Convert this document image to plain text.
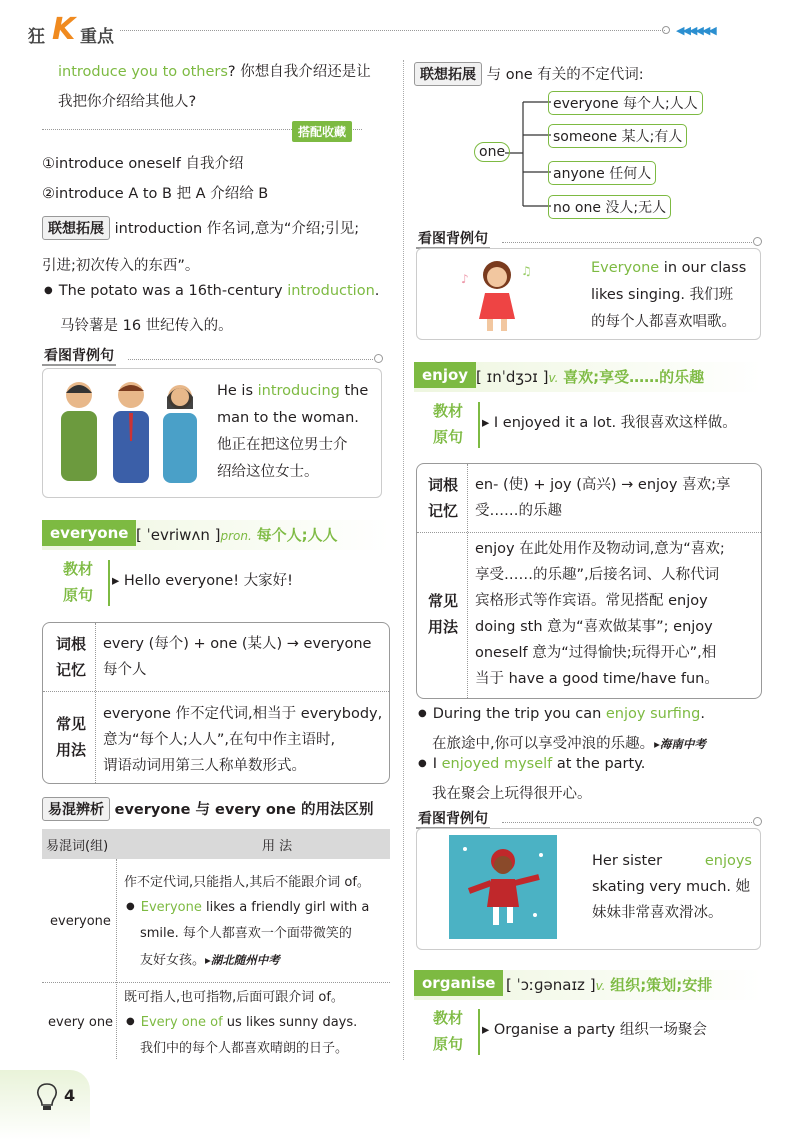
狂 K 重点	◀◀◀◀◀◀
introduce you to others? 你想自我介绍还是让
我把你介绍给其他人?
搭配收藏
①introduce oneself 自我介绍
②introduce A to B 把 A 介绍给 B
联想拓展 introduction 作名词,意为“介绍;引见;
引进;初次传入的东西”。
● The potato was a 16th-century introduction.
马铃薯是 16 世纪传入的。
看图背例句
He is introducing the
man to the woman.
他正在把这位男士介
绍给这位女士。
everyone [ ˈevriwʌn ]pron. 每个人;人人
教材
原句
▸ Hello everyone! 大家好!
词根
记忆
every (每个) + one (某人) → everyone
每个人
常见
用法
everyone 作不定代词,相当于 everybody,
意为“每个人;人人”,在句中作主语时,
谓语动词用第三人称单数形式。
易混辨析 everyone 与 every one 的用法区别
易混词(组)	用 法
everyone
作不定代词,只能指人,其后不能跟介词 of。
● Everyone likes a friendly girl with a
smile. 每个人都喜欢一个面带微笑的
友好女孩。▸湖北随州中考
every one
既可指人,也可指物,后面可跟介词 of。
● Every one of us likes sunny days.
我们中的每个人都喜欢晴朗的日子。
联想拓展 与 one 有关的不定代词:
one
everyone 每个人;人人
someone 某人;有人
anyone 任何人
no one 没人;无人
看图背例句
♪
♫	Everyone in our class
likes singing. 我们班
的每个人都喜欢唱歌。
enjoy [ ɪnˈdʒɔɪ ]v. 喜欢;享受……的乐趣
教材
原句
▸ I enjoyed it a lot. 我很喜欢这样做。
词根
记忆
en- (使) + joy (高兴) → enjoy 喜欢;享
受……的乐趣
常见
用法
enjoy 在此处用作及物动词,意为“喜欢;
享受……的乐趣”,后接名词、人称代词
宾格形式等作宾语。常见搭配 enjoy
doing sth 意为“喜欢做某事”; enjoy
oneself 意为“过得愉快;玩得开心”,相
当于 have a good time/have fun。
● During the trip you can enjoy surfing.
在旅途中,你可以享受冲浪的乐趣。▸海南中考
● I enjoyed myself at the party.
我在聚会上玩得很开心。
看图背例句
Her sister	enjoys
skating very much. 她
妹妹非常喜欢滑冰。
organise [ ˈɔːɡənaɪz ]v. 组织;策划;安排
教材
原句
▸ Organise a party 组织一场聚会
4
